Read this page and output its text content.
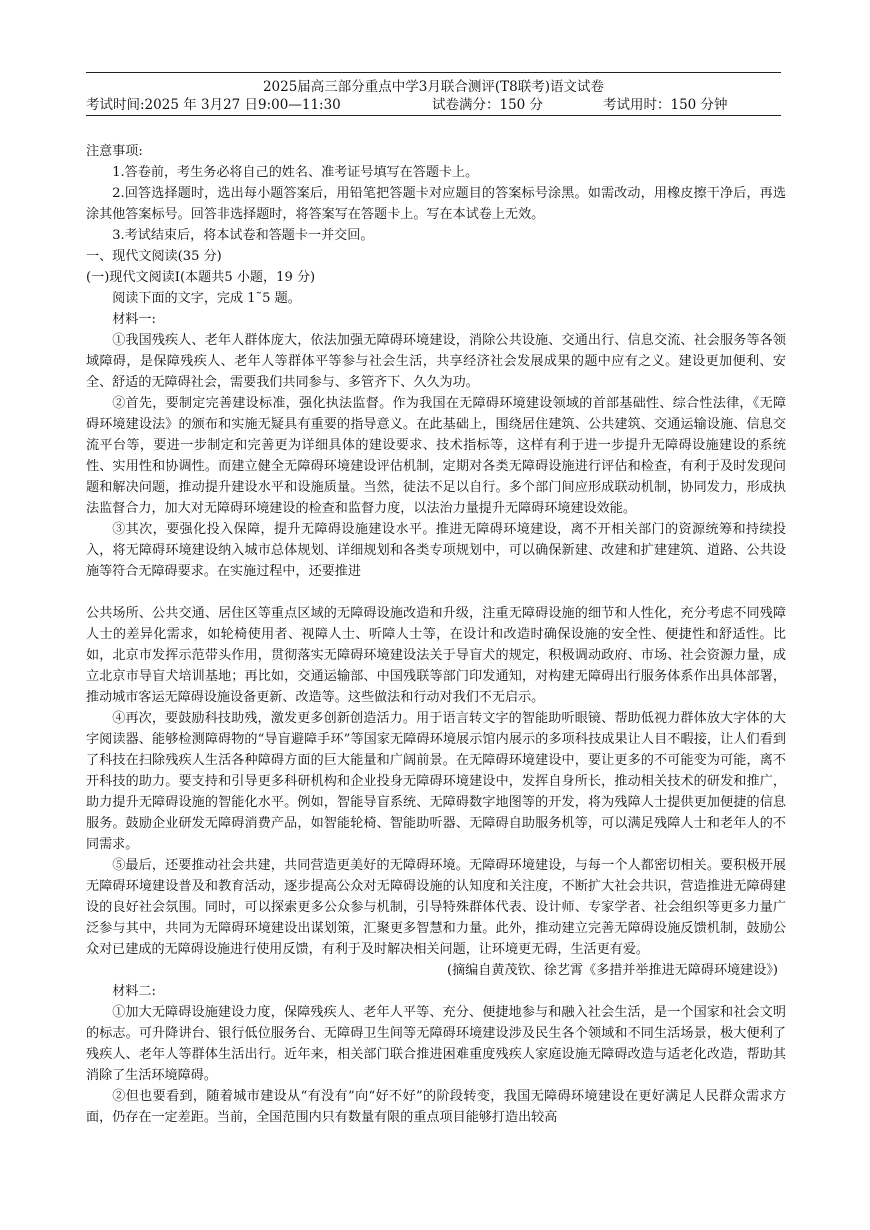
2025届高三部分重点中学3月联合测评(T8联考)语文试卷
考试时间:2025 年 3月27 日9:00—11:30	试卷满分：150 分	考试用时：150 分钟

注意事项:

1.答卷前，考生务必将自己的姓名、准考证号填写在答题卡上。

2.回答选择题时，选出每小题答案后，用铅笔把答题卡对应题目的答案标号涂黑。如需改动，用橡皮擦干净后，再选涂其他答案标号。回答非选择题时，将答案写在答题卡上。写在本试卷上无效。

3.考试结束后，将本试卷和答题卡一并交回。

一、现代文阅读(35 分)

(一)现代文阅读Ⅰ(本题共5 小题，19 分)

阅读下面的文字，完成 1˜5 题。

材料一:

①我国残疾人、老年人群体庞大，依法加强无障碍环境建设，消除公共设施、交通出行、信息交流、社会服务等各领域障碍，是保障残疾人、老年人等群体平等参与社会生活，共享经济社会发展成果的题中应有之义。建设更加便利、安全、舒适的无障碍社会，需要我们共同参与、多管齐下、久久为功。

②首先，要制定完善建设标准，强化执法监督。作为我国在无障碍环境建设领域的首部基础性、综合性法律，《无障碍环境建设法》的颁布和实施无疑具有重要的指导意义。在此基础上，围绕居住建筑、公共建筑、交通运输设施、信息交流平台等，要进一步制定和完善更为详细具体的建设要求、技术指标等，这样有利于进一步提升无障碍设施建设的系统性、实用性和协调性。而建立健全无障碍环境建设评估机制，定期对各类无障碍设施进行评估和检查，有利于及时发现问题和解决问题，推动提升建设水平和设施质量。当然，徒法不足以自行。多个部门间应形成联动机制，协同发力，形成执法监督合力，加大对无障碍环境建设的检查和监督力度，以法治力量提升无障碍环境建设效能。

③其次，要强化投入保障，提升无障碍设施建设水平。推进无障碍环境建设，离不开相关部门的资源统筹和持续投入，将无障碍环境建设纳入城市总体规划、详细规划和各类专项规划中，可以确保新建、改建和扩建建筑、道路、公共设施等符合无障碍要求。在实施过程中，还要推进

公共场所、公共交通、居住区等重点区域的无障碍设施改造和升级，注重无障碍设施的细节和人性化，充分考虑不同残障人士的差异化需求，如轮椅使用者、视障人士、听障人士等，在设计和改造时确保设施的安全性、便捷性和舒适性。比如，北京市发挥示范带头作用，贯彻落实无障碍环境建设法关于导盲犬的规定，积极调动政府、市场、社会资源力量，成立北京市导盲犬培训基地；再比如，交通运输部、中国残联等部门印发通知，对构建无障碍出行服务体系作出具体部署，推动城市客运无障碍设施设备更新、改造等。这些做法和行动对我们不无启示。

④再次，要鼓励科技助残，激发更多创新创造活力。用于语言转文字的智能助听眼镜、帮助低视力群体放大字体的大字阅读器、能够检测障碍物的“导盲避障手环”等国家无障碍环境展示馆内展示的多项科技成果让人目不暇接，让人们看到了科技在扫除残疾人生活各种障碍方面的巨大能量和广阔前景。在无障碍环境建设中，要让更多的不可能变为可能，离不开科技的助力。要支持和引导更多科研机构和企业投身无障碍环境建设中，发挥自身所长，推动相关技术的研发和推广，助力提升无障碍设施的智能化水平。例如，智能导盲系统、无障碍数字地图等的开发，将为残障人士提供更加便捷的信息服务。鼓励企业研发无障碍消费产品，如智能轮椅、智能助听器、无障碍自助服务机等，可以满足残障人士和老年人的不同需求。

⑤最后，还要推动社会共建，共同营造更美好的无障碍环境。无障碍环境建设，与每一个人都密切相关。要积极开展无障碍环境建设普及和教育活动，逐步提高公众对无障碍设施的认知度和关注度，不断扩大社会共识，营造推进无障碍建设的良好社会氛围。同时，可以探索更多公众参与机制，引导特殊群体代表、设计师、专家学者、社会组织等更多力量广泛参与其中，共同为无障碍环境建设出谋划策，汇聚更多智慧和力量。此外，推动建立完善无障碍设施反馈机制，鼓励公众对已建成的无障碍设施进行使用反馈，有利于及时解决相关问题，让环境更无碍，生活更有爱。

(摘编自黄茂钦、徐艺霄《多措并举推进无障碍环境建设》)

材料二:

①加大无障碍设施建设力度，保障残疾人、老年人平等、充分、便捷地参与和融入社会生活，是一个国家和社会文明的标志。可升降讲台、银行低位服务台、无障碍卫生间等无障碍环境建设涉及民生各个领域和不同生活场景，极大便利了残疾人、老年人等群体生活出行。近年来，相关部门联合推进困难重度残疾人家庭设施无障碍改造与适老化改造，帮助其消除了生活环境障碍。

②但也要看到，随着城市建设从“有没有”向“好不好”的阶段转变，我国无障碍环境建设在更好满足人民群众需求方面，仍存在一定差距。当前，全国范围内只有数量有限的重点项目能够打造出较高
